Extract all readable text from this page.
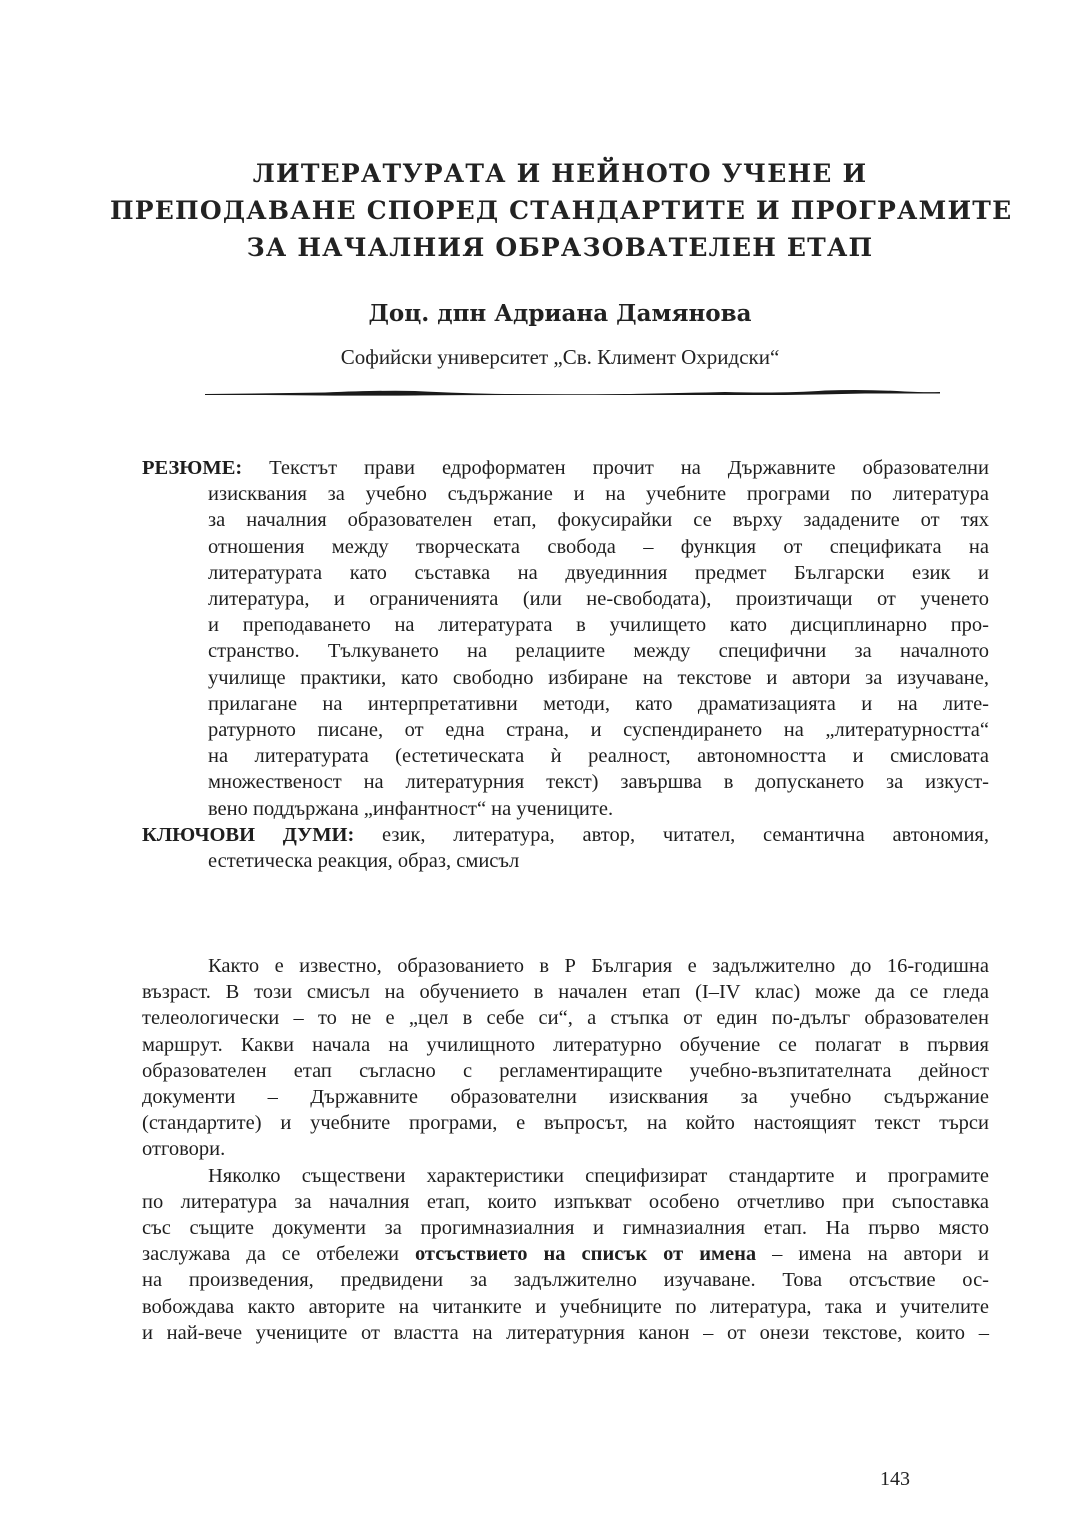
ЛИТЕРАТУРАТА И НЕЙНОТО УЧЕНЕ И
ПРЕПОДАВАНЕ СПОРЕД СТАНДАРТИТЕ И ПРОГРАМИТЕ
ЗА НАЧАЛНИЯ ОБРАЗОВАТЕЛЕН ЕТАП
Доц. дпн Адриана Дамянова
Софийски университет „Св. Климент Охридски“
РЕЗЮМЕ: Текстът прави едроформатен прочит на Държавните образователни
изисквания за учебно съдържание и на учебните програми по литература
за началния образователен етап, фокусирайки се върху зададените от тях
отношения между творческата свобода – функция от спецификата на
литературата като съставка на двуединния предмет Български език и
литература, и ограниченията (или не-свободата), произтичащи от ученето
и преподаването на литературата в училището като дисциплинарно про-
странство. Тълкуването на релациите между специфични за началното
училище практики, като свободно избиране на текстове и автори за изучаване,
прилагане на интерпретативни методи, като драматизацията и на лите-
ратурното писане, от една страна, и суспендирането на „литературността“
на литературата (естетическата ѝ реалност, автономността и смисловата
множественост на литературния текст) завършва в допускането за изкуст-
вено поддържана „инфантност“ на учениците.
КЛЮЧОВИ ДУМИ: език, литература, автор, читател, семантична автономия,
естетическа реакция, образ, смисъл
Както е известно, образованието в Р България е задължително до 16-годишна
възраст. В този смисъл на обучението в начален етап (I–IV клас) може да се гледа
телеологически – то не е „цел в себе си“, а стъпка от един по-дълъг образователен
маршрут. Какви начала на училищното литературно обучение се полагат в първия
образователен етап съгласно с регламентиращите учебно-възпитателната дейност
документи – Държавните образователни изисквания за учебно съдържание
(стандартите) и учебните програми, е въпросът, на който настоящият текст търси
отговори.
Няколко съществени характеристики специфизират стандартите и програмите
по литература за началния етап, които изпъкват особено отчетливо при съпоставка
със същите документи за прогимназиалния и гимназиалния етап. На първо място
заслужава да се отбележи отсъствието на списък от имена – имена на автори и
на произведения, предвидени за задължително изучаване. Това отсъствие ос-
вобождава както авторите на читанките и учебниците по литература, така и учителите
и най-вече учениците от властта на литературния канон – от онези текстове, които –
143
